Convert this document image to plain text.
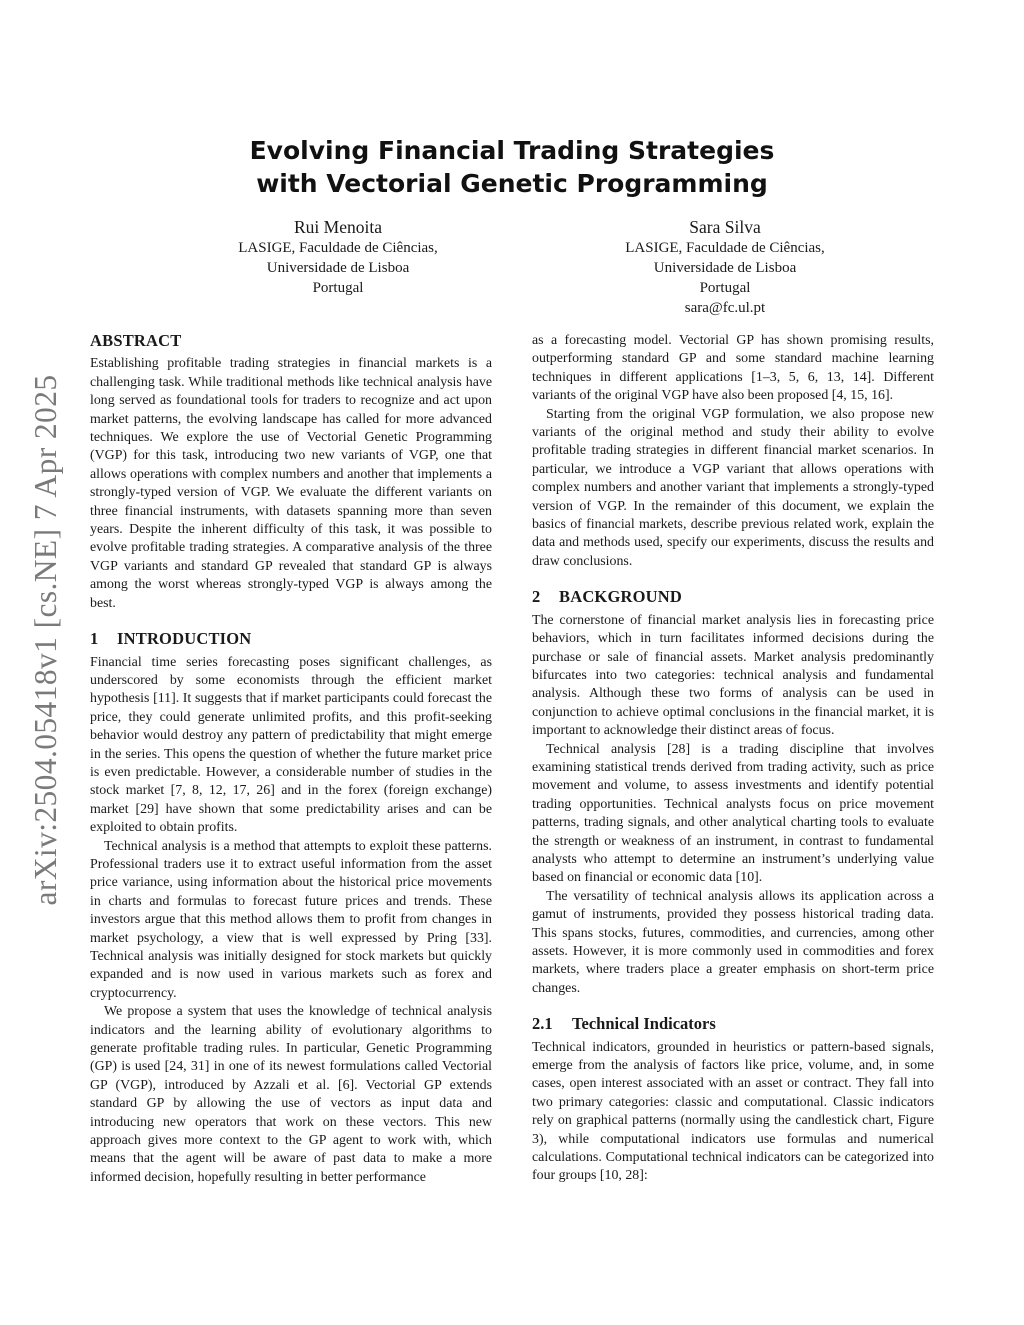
arXiv:2504.05418v1 [cs.NE] 7 Apr 2025
Evolving Financial Trading Strategies
with Vectorial Genetic Programming
Rui Menoita
LASIGE, Faculdade de Ciências,
Universidade de Lisboa
Portugal
Sara Silva
LASIGE, Faculdade de Ciências,
Universidade de Lisboa
Portugal
sara@fc.ul.pt
ABSTRACT

Establishing profitable trading strategies in financial markets is a challenging task. While traditional methods like technical analysis have long served as foundational tools for traders to recognize and act upon market patterns, the evolving landscape has called for more advanced techniques. We explore the use of Vectorial Genetic Programming (VGP) for this task, introducing two new variants of VGP, one that allows operations with complex numbers and another that implements a strongly-typed version of VGP. We evaluate the different variants on three financial instruments, with datasets spanning more than seven years. Despite the inherent difficulty of this task, it was possible to evolve profitable trading strategies. A comparative analysis of the three VGP variants and standard GP revealed that standard GP is always among the worst whereas strongly-typed VGP is always among the best.

1 INTRODUCTION

Financial time series forecasting poses significant challenges, as underscored by some economists through the efficient market hypothesis [11]. It suggests that if market participants could forecast the price, they could generate unlimited profits, and this profit-seeking behavior would destroy any pattern of predictability that might emerge in the series. This opens the question of whether the future market price is even predictable. However, a considerable number of studies in the stock market [7, 8, 12, 17, 26] and in the forex (foreign exchange) market [29] have shown that some predictability arises and can be exploited to obtain profits.

Technical analysis is a method that attempts to exploit these patterns. Professional traders use it to extract useful information from the asset price variance, using information about the historical price movements in charts and formulas to forecast future prices and trends. These investors argue that this method allows them to profit from changes in market psychology, a view that is well expressed by Pring [33]. Technical analysis was initially designed for stock markets but quickly expanded and is now used in various markets such as forex and cryptocurrency.

We propose a system that uses the knowledge of technical analysis indicators and the learning ability of evolutionary algorithms to generate profitable trading rules. In particular, Genetic Programming (GP) is used [24, 31] in one of its newest formulations called Vectorial GP (VGP), introduced by Azzali et al. [6]. Vectorial GP extends standard GP by allowing the use of vectors as input data and introducing new operators that work on these vectors. This new approach gives more context to the GP agent to work with, which means that the agent will be aware of past data to make a more informed decision, hopefully resulting in better performance

as a forecasting model. Vectorial GP has shown promising results, outperforming standard GP and some standard machine learning techniques in different applications [1–3, 5, 6, 13, 14]. Different variants of the original VGP have also been proposed [4, 15, 16].

Starting from the original VGP formulation, we also propose new variants of the original method and study their ability to evolve profitable trading strategies in different financial market scenarios. In particular, we introduce a VGP variant that allows operations with complex numbers and another variant that implements a strongly-typed version of VGP. In the remainder of this document, we explain the basics of financial markets, describe previous related work, explain the data and methods used, specify our experiments, discuss the results and draw conclusions.

2 BACKGROUND

The cornerstone of financial market analysis lies in forecasting price behaviors, which in turn facilitates informed decisions during the purchase or sale of financial assets. Market analysis predominantly bifurcates into two categories: technical analysis and fundamental analysis. Although these two forms of analysis can be used in conjunction to achieve optimal conclusions in the financial market, it is important to acknowledge their distinct areas of focus.

Technical analysis [28] is a trading discipline that involves examining statistical trends derived from trading activity, such as price movement and volume, to assess investments and identify potential trading opportunities. Technical analysts focus on price movement patterns, trading signals, and other analytical charting tools to evaluate the strength or weakness of an instrument, in contrast to fundamental analysts who attempt to determine an instrument’s underlying value based on financial or economic data [10].

The versatility of technical analysis allows its application across a gamut of instruments, provided they possess historical trading data. This spans stocks, futures, commodities, and currencies, among other assets. However, it is more commonly used in commodities and forex markets, where traders place a greater emphasis on short-term price changes.

2.1 Technical Indicators

Technical indicators, grounded in heuristics or pattern-based signals, emerge from the analysis of factors like price, volume, and, in some cases, open interest associated with an asset or contract. They fall into two primary categories: classic and computational. Classic indicators rely on graphical patterns (normally using the candlestick chart, Figure 3), while computational indicators use formulas and numerical calculations. Computational technical indicators can be categorized into four groups [10, 28]:
